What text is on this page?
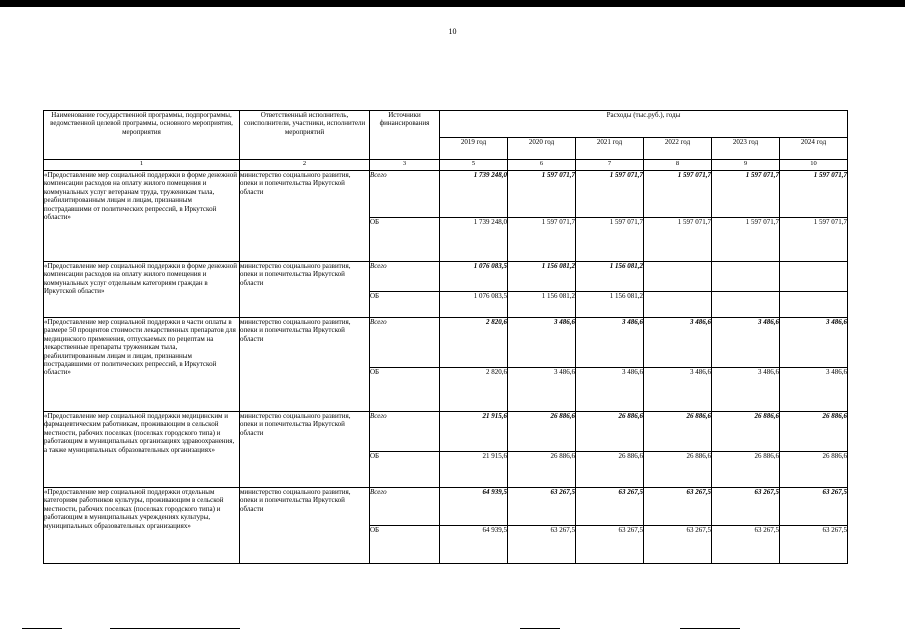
10
Наименование государственной программы, подпрограммы, ведомственной целевой программы, основного мероприятия, мероприятия	Ответственный исполнитель, соисполнители, участники, исполнители мероприятий	Источники финансирования	Расходы (тыс.руб.), годы					
			2019 год	2020 год	2021 год	2022 год	2023 год	2024 год
1	2	3	5	6	7	8	9	10
«Предоставление мер социальной поддержки в форме денежной компенсации расходов на оплату жилого помещения и коммунальных услуг ветеранам труда, труженикам тыла, реабилитированным лицам и лицам, признанным пострадавшими от политических репрессий, в Иркутской области»	министерство социального развития, опеки и попечительства Иркутской области	Всего	1 739 248,0	1 597 071,7	1 597 071,7	1 597 071,7	1 597 071,7	1 597 071,7
		ОБ	1 739 248,0	1 597 071,7	1 597 071,7	1 597 071,7	1 597 071,7	1 597 071,7
«Предоставление мер социальной поддержки в форме денежной компенсации расходов на оплату жилого помещения и коммунальных услуг отдельным категориям граждан в Иркутской области»	министерство социального развития, опеки и попечительства Иркутской области	Всего	1 076 083,5	1 156 081,2	1 156 081,2			
		ОБ	1 076 083,5	1 156 081,2	1 156 081,2			
«Предоставление мер социальной поддержки в части оплаты в размере 50 процентов стоимости лекарственных препаратов для медицинского применения, отпускаемых по рецептам на лекарственные препараты труженикам тыла, реабилитированным лицам и лицам, признанным пострадавшими от политических репрессий, в Иркутской области»	министерство социального развития, опеки и попечительства Иркутской области	Всего	2 820,6	3 486,6	3 486,6	3 486,6	3 486,6	3 486,6
		ОБ	2 820,6	3 486,6	3 486,6	3 486,6	3 486,6	3 486,6
«Предоставление мер социальной поддержки медицинским и фармацевтическим работникам, проживающим в сельской местности, рабочих поселках (поселках городского типа) и работающим в муниципальных организациях здравоохранения, а также муниципальных образовательных организациях»	министерство социального развития, опеки и попечительства Иркутской области	Всего	21 915,6	26 886,6	26 886,6	26 886,6	26 886,6	26 886,6
		ОБ	21 915,6	26 886,6	26 886,6	26 886,6	26 886,6	26 886,6
«Предоставление мер социальной поддержки отдельным категориям работников культуры, проживающим в сельской местности, рабочих поселках (поселках городского типа) и работающим в муниципальных учреждениях культуры, муниципальных образовательных организациях»	министерство социального развития, опеки и попечительства Иркутской области	Всего	64 939,5	63 267,5	63 267,5	63 267,5	63 267,5	63 267,5
		ОБ	64 939,5	63 267,5	63 267,5	63 267,5	63 267,5	63 267,5
